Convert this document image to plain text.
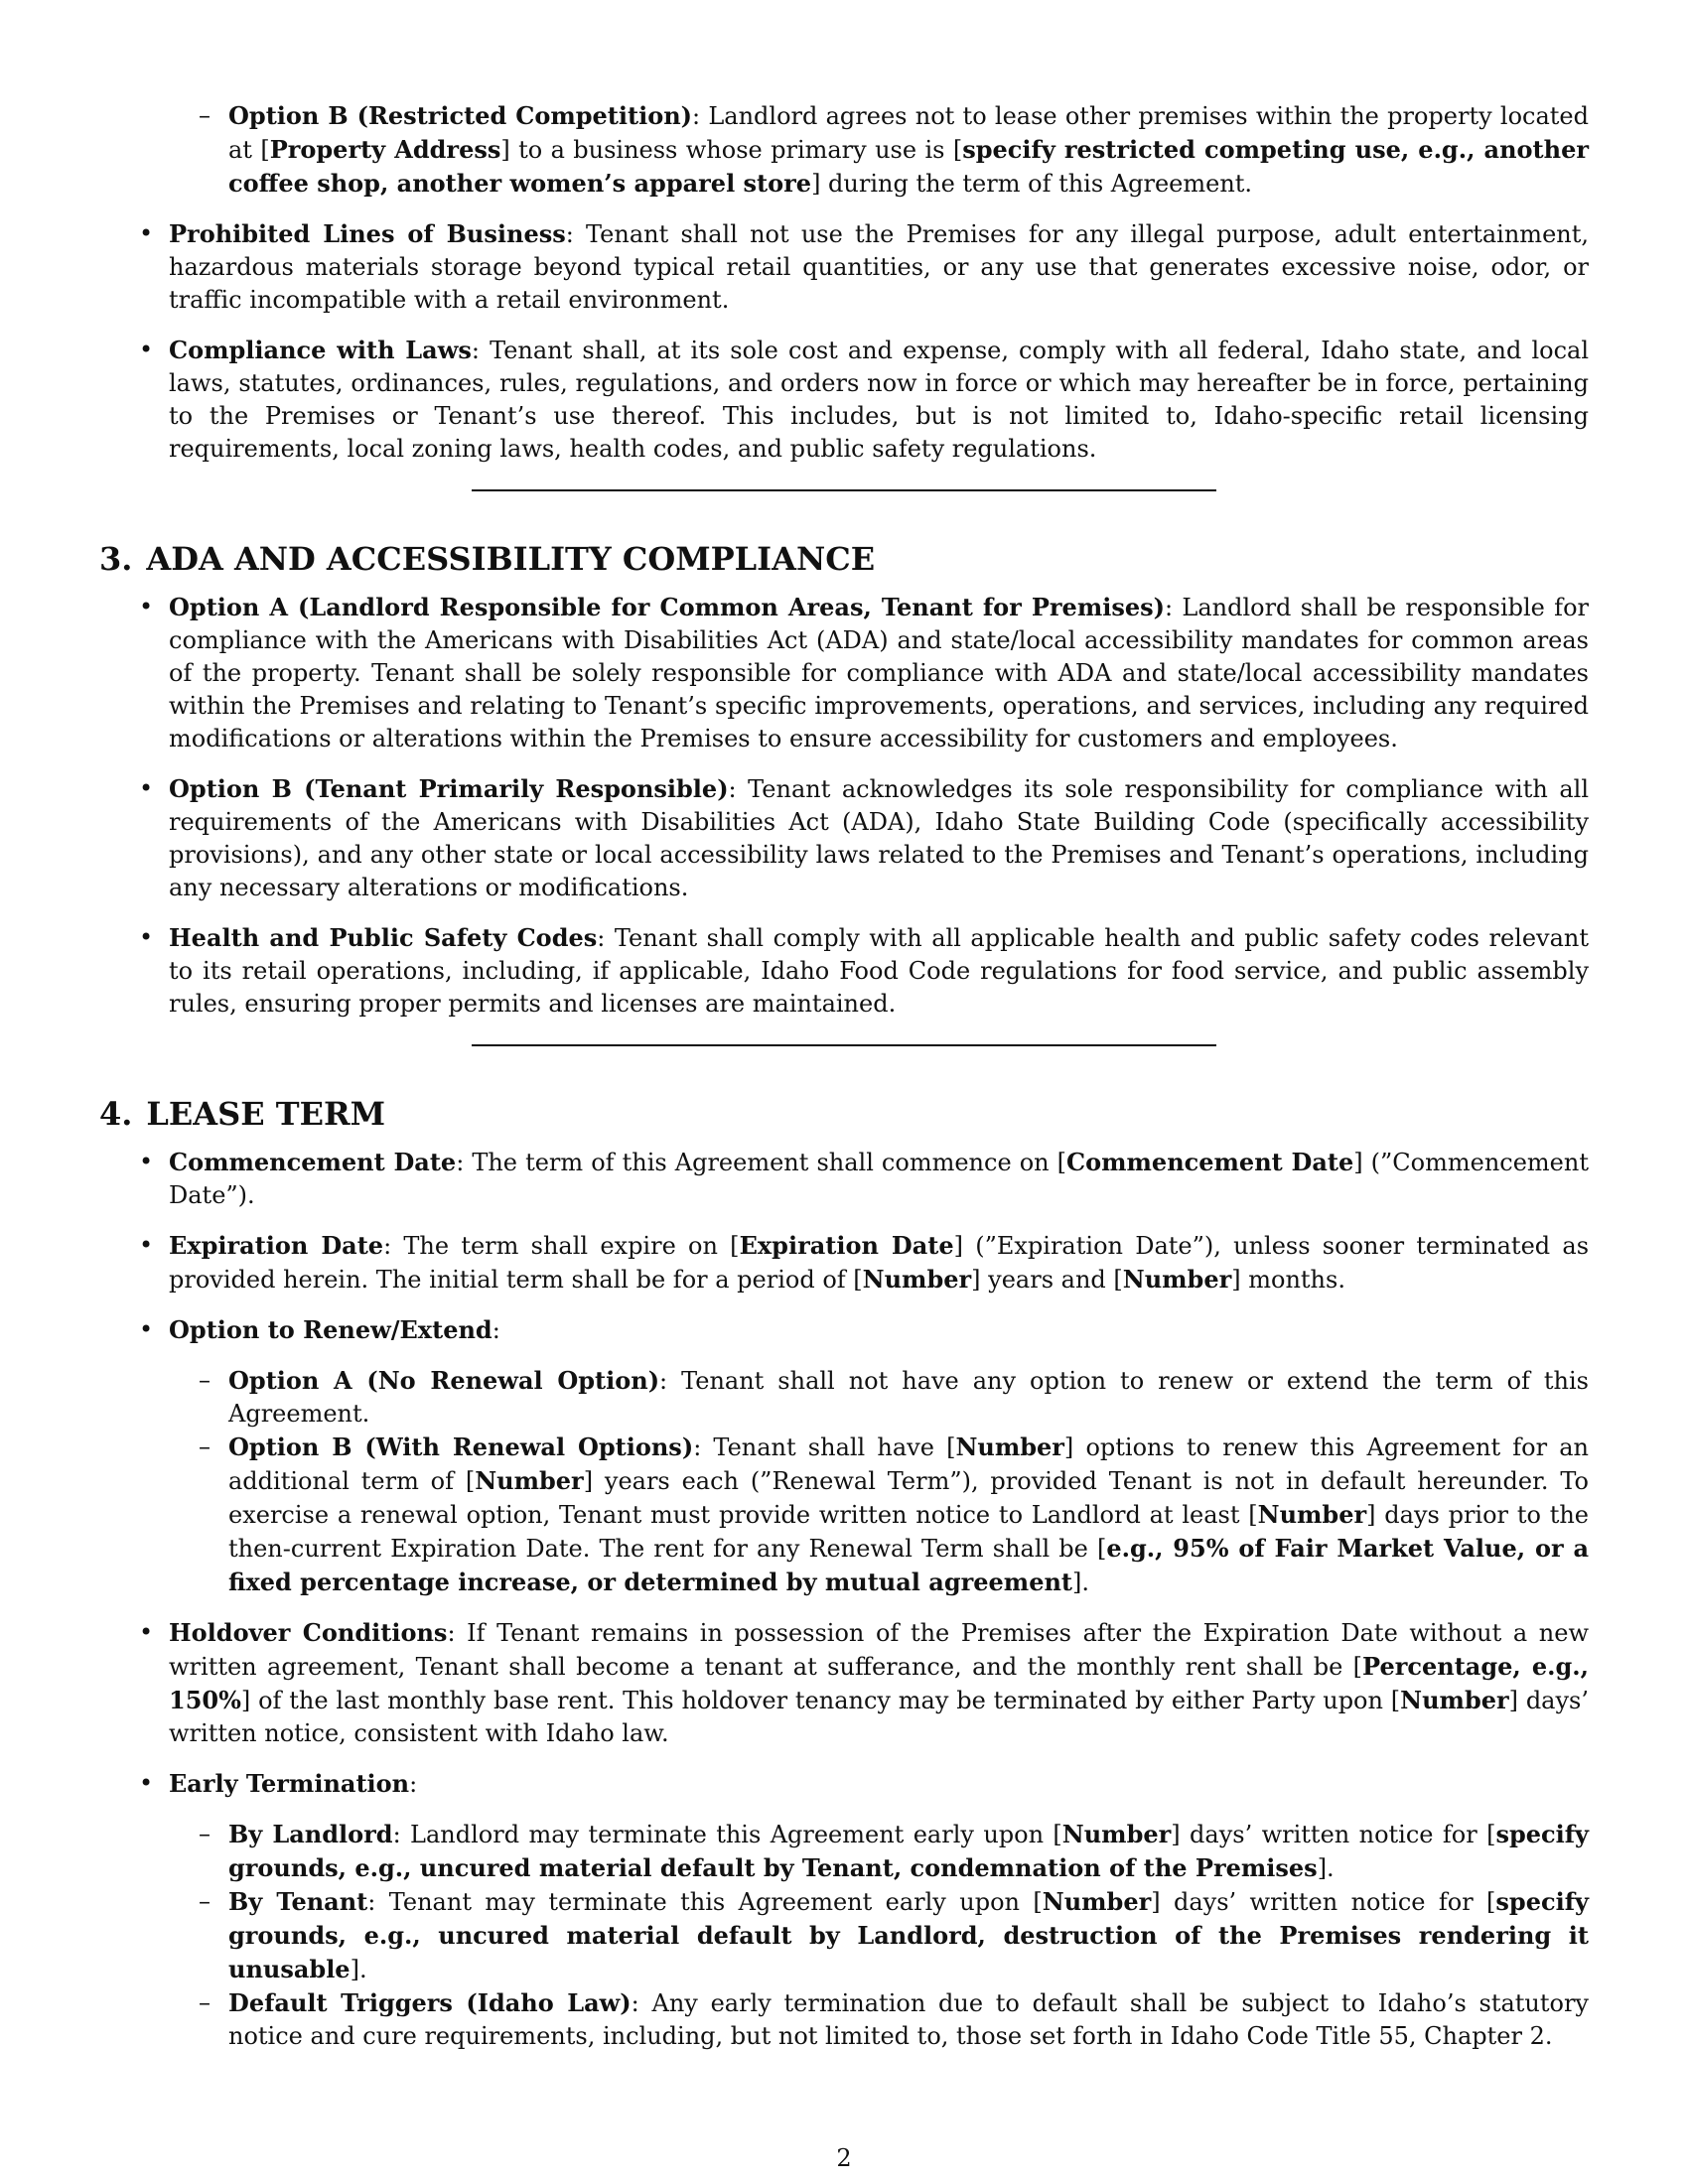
– Option B (Restricted Competition): Landlord agrees not to lease other premises within the property located at [Property Address] to a business whose primary use is [specify restricted competing use, e.g., another coffee shop, another women’s apparel store] during the term of this Agreement.

• Prohibited Lines of Business: Tenant shall not use the Premises for any illegal purpose, adult entertainment, hazardous materials storage beyond typical retail quantities, or any use that generates excessive noise, odor, or traffic incompatible with a retail environment.

• Compliance with Laws: Tenant shall, at its sole cost and expense, comply with all federal, Idaho state, and local laws, statutes, ordinances, rules, regulations, and orders now in force or which may hereafter be in force, pertaining to the Premises or Tenant’s use thereof. This includes, but is not limited to, Idaho-specific retail licensing requirements, local zoning laws, health codes, and public safety regulations.

3. ADA AND ACCESSIBILITY COMPLIANCE
• Option A (Landlord Responsible for Common Areas, Tenant for Premises): Landlord shall be responsible for compliance with the Americans with Disabilities Act (ADA) and state/local accessibility mandates for common areas of the property. Tenant shall be solely responsible for compliance with ADA and state/local accessibility mandates within the Premises and relating to Tenant’s specific improvements, operations, and services, including any required modifications or alterations within the Premises to ensure accessibility for customers and employees.

• Option B (Tenant Primarily Responsible): Tenant acknowledges its sole responsibility for compliance with all requirements of the Americans with Disabilities Act (ADA), Idaho State Building Code (specifically accessibility provisions), and any other state or local accessibility laws related to the Premises and Tenant’s operations, including any necessary alterations or modifications.

• Health and Public Safety Codes: Tenant shall comply with all applicable health and public safety codes relevant to its retail operations, including, if applicable, Idaho Food Code regulations for food service, and public assembly rules, ensuring proper permits and licenses are maintained.

4. LEASE TERM
• Commencement Date: The term of this Agreement shall commence on [Commencement Date] (”Commencement Date”).

• Expiration Date: The term shall expire on [Expiration Date] (”Expiration Date”), unless sooner terminated as provided herein. The initial term shall be for a period of [Number] years and [Number] months.

• Option to Renew/Extend:

– Option A (No Renewal Option): Tenant shall not have any option to renew or extend the term of this Agreement.

– Option B (With Renewal Options): Tenant shall have [Number] options to renew this Agreement for an additional term of [Number] years each (”Renewal Term”), provided Tenant is not in default hereunder. To exercise a renewal option, Tenant must provide written notice to Landlord at least [Number] days prior to the then-current Expiration Date. The rent for any Renewal Term shall be [e.g., 95% of Fair Market Value, or a fixed percentage increase, or determined by mutual agreement].

• Holdover Conditions: If Tenant remains in possession of the Premises after the Expiration Date without a new written agreement, Tenant shall become a tenant at sufferance, and the monthly rent shall be [Percentage, e.g., 150%] of the last monthly base rent. This holdover tenancy may be terminated by either Party upon [Number] days’ written notice, consistent with Idaho law.

• Early Termination:

– By Landlord: Landlord may terminate this Agreement early upon [Number] days’ written notice for [specify grounds, e.g., uncured material default by Tenant, condemnation of the Premises].

– By Tenant: Tenant may terminate this Agreement early upon [Number] days’ written notice for [specify grounds, e.g., uncured material default by Landlord, destruction of the Premises rendering it unusable].

– Default Triggers (Idaho Law): Any early termination due to default shall be subject to Idaho’s statutory notice and cure requirements, including, but not limited to, those set forth in Idaho Code Title 55, Chapter 2.

2
